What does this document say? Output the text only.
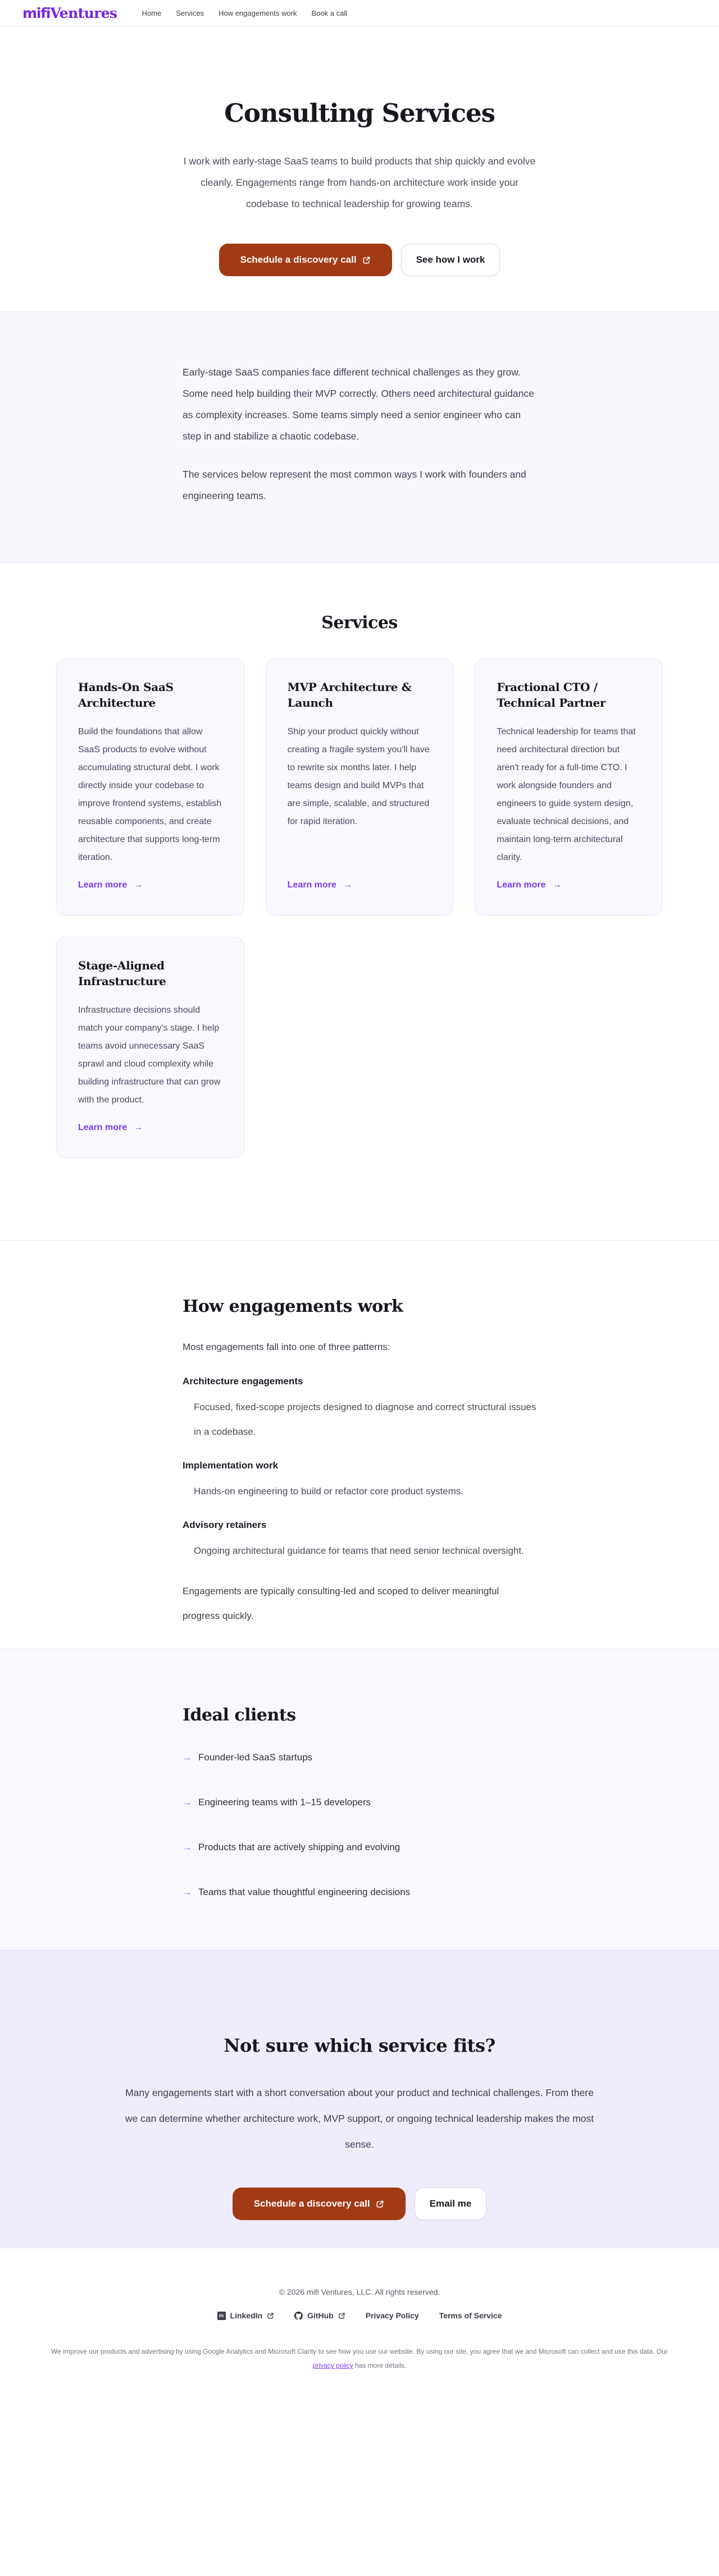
mifi Ventures	Home Services How engagements work Book a call
Consulting Services

I work with early-stage SaaS teams to build products that ship quickly and evolve cleanly. Engagements range from hands-on architecture work inside your codebase to technical leadership for growing teams.

Schedule a discovery call	See how I work

Early-stage SaaS companies face different technical challenges as they grow. Some need help building their MVP correctly. Others need architectural guidance as complexity increases. Some teams simply need a senior engineer who can step in and stabilize a chaotic codebase.

The services below represent the most common ways I work with founders and engineering teams.

Services
Hands-On SaaS Architecture

Build the foundations that allow SaaS products to evolve without accumulating structural debt. I work directly inside your codebase to improve frontend systems, establish reusable components, and create architecture that supports long-term iteration.

Learn more →
MVP Architecture & Launch

Ship your product quickly without creating a fragile system you'll have to rewrite six months later. I help teams design and build MVPs that are simple, scalable, and structured for rapid iteration.

Learn more →
Fractional CTO / Technical Partner

Technical leadership for teams that need architectural direction but aren't ready for a full-time CTO. I work alongside founders and engineers to guide system design, evaluate technical decisions, and maintain long-term architectural clarity.

Learn more →
Stage-Aligned Infrastructure

Infrastructure decisions should match your company's stage. I help teams avoid unnecessary SaaS sprawl and cloud complexity while building infrastructure that can grow with the product.

Learn more →
How engagements work

Most engagements fall into one of three patterns:

Architecture engagements

Focused, fixed-scope projects designed to diagnose and correct structural issues in a codebase.

Implementation work

Hands-on engineering to build or refactor core product systems.

Advisory retainers

Ongoing architectural guidance for teams that need senior technical oversight.

Engagements are typically consulting-led and scoped to deliver meaningful progress quickly.

Ideal clients
→ Founder-led SaaS startups
→ Engineering teams with 1–15 developers
→ Products that are actively shipping and evolving
→ Teams that value thoughtful engineering decisions
Not sure which service fits?

Many engagements start with a short conversation about your product and technical challenges. From there we can determine whether architecture work, MVP support, or ongoing technical leadership makes the most sense.

Schedule a discovery call	Email me

© 2026 mifi Ventures, LLC. All rights reserved.

in LinkedIn	GitHub	Privacy Policy	Terms of Service

We improve our products and advertising by using Google Analytics and Microsoft Clarity to see how you use our website. By using our site, you agree that we and Microsoft can collect and use this data. Our privacy policy has more details.
